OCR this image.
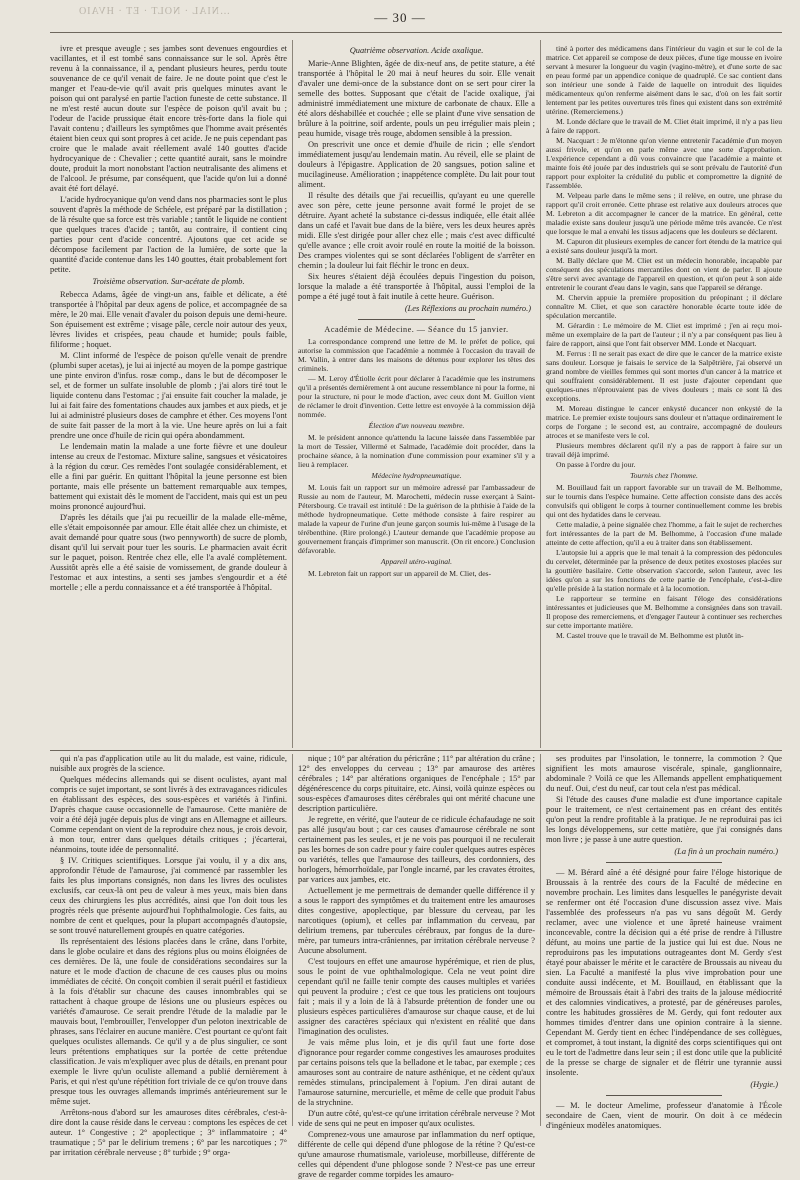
…NIAL · NOLT · ET · HVAIO	— 30 —

ivre et presque aveugle ; ses jambes sont devenues engourdies et vacillantes, et il est tombé sans connaissance sur le sol. Après être revenu à la connaissance, il a, pendant plusieurs heures, perdu toute souvenance de ce qu'il venait de faire. Je ne doute point que c'est le manger et l'eau-de-vie qu'il avait pris quelques minutes avant le poison qui ont paralysé en partie l'action funeste de cette substance. Il ne m'est resté aucun doute sur l'espèce de poison qu'il avait bu ; l'odeur de l'acide prussique était encore très-forte dans la fiole qui l'avait contenu ; d'ailleurs les symptômes que l'homme avait présentés étaient bien ceux qui sont propres à cet acide. Je ne puis cependant pas croire que le malade avait réellement avalé 140 gouttes d'acide hydrocyanique de : Chevalier ; cette quantité aurait, sans le moindre doute, produit la mort nonobstant l'action neutralisante des alimens et de l'alcool. Je présume, par conséquent, que l'acide qu'on lui a donné avait été fort délayé.

L'acide hydrocyanique qu'on vend dans nos pharmacies sont le plus souvent d'après la méthode de Schéele, est préparé par la distillation ; de là résulte que sa force est très variable ; tantôt le liquide ne contient que quelques traces d'acide ; tantôt, au contraire, il contient cinq parties pour cent d'acide concentré. Ajoutons que cet acide se décompose facilement par l'action de la lumière, de sorte que la quantité d'acide contenue dans les 140 gouttes, était probablement fort petite.

Troisième observation. Sur-acétate de plomb.

Rebecca Adams, âgée de vingt-un ans, faible et délicate, a été transportée à l'hôpital par deux agens de police, et accompagnée de sa mère, le 20 mai. Elle venait d'avaler du poison depuis une demi-heure. Son épuisement est extrême ; visage pâle, cercle noir autour des yeux, lèvres livides et crispées, peau chaude et humide; pouls faible, filiforme ; hoquet.

M. Clint informé de l'espèce de poison qu'elle venait de prendre (plumbi super acetas), je lui ai injecté au moyen de la pompe gastrique une pinte environ d'infus. rosæ comp., dans le but de décomposer le sel, et de former un sulfate insoluble de plomb ; j'ai alors tiré tout le liquide contenu dans l'estomac ; j'ai ensuite fait coucher la malade, je lui ai fait faire des fomentations chaudes aux jambes et aux pieds, et je lui ai administré plusieurs doses de camphre et éther. Ces moyens l'ont de suite fait passer de la mort à la vie. Une heure après on lui a fait prendre une once d'huile de ricin qui opéra abondamment.

Le lendemain matin la malade a une forte fièvre et une douleur intense au creux de l'estomac. Mixture saline, sangsues et vésicatoires à la région du cœur. Ces remèdes l'ont soulagée considérablement, et elle a fini par guérir. En quittant l'hôpital la jeune personne est bien portante, mais elle présente un battement remarquable aux tempes, battement qui existait dès le moment de l'accident, mais qui est un peu moins prononcé aujourd'hui.

D'après les détails que j'ai pu recueillir de la malade elle-même, elle s'était empoisonnée par amour. Elle était allée chez un chimiste, et avait demandé pour quatre sous (two pennyworth) de sucre de plomb, disant qu'il lui servait pour tuer les souris. Le pharmacien avait écrit sur le paquet, poison. Rentrée chez elle, elle l'a avalé complètement. Aussitôt après elle a été saisie de vomissement, de grande douleur à l'estomac et aux intestins, a senti ses jambes s'engourdir et a été mortelle ; elle a perdu connaissance et a été transportée à l'hôpital.

Quatrième observation. Acide oxalique.

Marie-Anne Blighten, âgée de dix-neuf ans, de petite stature, a été transportée à l'hôpital le 20 mai à neuf heures du soir. Elle venait d'avaler une demi-once de la substance dont on se sert pour cirer la semelle des bottes. Supposant que c'était de l'acide oxalique, j'ai administré immédiatement une mixture de carbonate de chaux. Elle a été alors déshabillée et couchée ; elle se plaint d'une vive sensation de brûlure à la poitrine, soif ardente, pouls un peu irrégulier mais plein ; peau humide, visage très rouge, abdomen sensible à la pression.

On prescrivit une once et demie d'huile de ricin ; elle s'endort immédiatement jusqu'au lendemain matin. Au réveil, elle se plaint de douleurs à l'épigastre. Application de 20 sangsues, potion saline et mucilagineuse. Amélioration ; inappétence complète. Du lait pour tout aliment.

Il résulte des détails que j'ai recueillis, qu'ayant eu une querelle avec son père, cette jeune personne avait formé le projet de se détruire. Ayant acheté la substance ci-dessus indiquée, elle était allée dans un café et l'avait bue dans de la bière, vers les deux heures après midi. Elle s'est dirigée pour aller chez elle ; mais c'est avec difficulté qu'elle avance ; elle croit avoir roulé en route la moitié de la boisson. Des crampes violentes qui se sont déclarées l'obligent de s'arrêter en chemin ; la douleur lui fait fléchir le tronc en deux.

Six heures s'étaient déjà écoulées depuis l'ingestion du poison, lorsque la malade a été transportée à l'hôpital, aussi l'emploi de la pompe a été jugé tout à fait inutile à cette heure. Guérison.

(Les Réflexions au prochain numéro.)

Académie de Médecine. — Séance du 15 janvier.

La correspondance comprend une lettre de M. le préfet de police, qui autorise la commission que l'académie a nommée à l'occasion du travail de M. Vallin, à entrer dans les maisons de détenus pour explorer les têtes des criminels.

— M. Leroy d'Étiolle écrit pour déclarer à l'académie que les instrumens qu'il a présentés dernièrement à ont aucune ressemblance ni pour la forme, ni pour la structure, ni pour le mode d'action, avec ceux dont M. Guillon vient de réclamer le droit d'invention. Cette lettre est envoyée à la commission déjà nommée.

Élection d'un nouveau membre.

M. le président annonce qu'attendu la lacune laissée dans l'assemblée par la mort de Tessier, Villermé et Salmade, l'académie doit procéder, dans la prochaine séance, à la nomination d'une commission pour examiner s'il y a lieu à remplacer.

Médecine hydropneumatique.

M. Louis fait un rapport sur un mémoire adressé par l'ambassadeur de Russie au nom de l'auteur, M. Marochetti, médecin russe exerçant à Saint-Pétersbourg. Ce travail est intitulé : De la guérison de la phthisie à l'aide de la méthode hydropneumatique. Cette méthode consiste à faire respirer au malade la vapeur de l'urine d'un jeune garçon soumis lui-même à l'usage de la térébenthine. (Rire prolongé.) L'auteur demande que l'académie propose au gouvernement français d'imprimer son manuscrit. (On rit encore.) Conclusion défavorable.

Appareil utéro-vaginal.

M. Lebreton fait un rapport sur un appareil de M. Cliet, des-

tiné à porter des médicamens dans l'intérieur du vagin et sur le col de la matrice. Cet appareil se compose de deux pièces, d'une tige mousse en ivoire servant à mesurer la longueur du vagin (vagino-mètre), et d'une sorte de sac en peau formé par un appendice conique de quadruplé. Ce sac contient dans son intérieur une sonde à l'aide de laquelle on introduit des liquides médicamenteux qu'on renferme aisément dans le sac, d'où on les fait sortir lentement par les petites ouvertures très fines qui existent dans son extrémité utérine. (Remerciemens.)

M. Londe déclare que le travail de M. Cliet était imprimé, il n'y a pas lieu à faire de rapport.

M. Nacquart : Je m'étonne qu'on vienne entretenir l'académie d'un moyen aussi frivole, et qu'on en parle même avec une sorte d'approbation. L'expérience cependant a dû vous convaincre que l'académie a mainte et mainte fois été jouée par des industriels qui se sont prévalu de l'autorité d'un rapport pour exploiter la crédulité du public et compromettre la dignité de l'assemblée.

M. Velpeau parle dans le même sens ; il relève, en outre, une phrase du rapport qu'il croit erronée. Cette phrase est relative aux douleurs atroces que M. Lebreton a dit accompagner le cancer de la matrice. En général, cette maladie existe sans douleur jusqu'à une période même très avancée. Ce n'est que lorsque le mal a envahi les tissus adjacens que les douleurs se déclarent.

M. Capuron dit plusieurs exemples de cancer fort étendu de la matrice qui a existé sans douleur jusqu'à la mort.

M. Bally déclare que M. Cliet est un médecin honorable, incapable par conséquent des spéculations mercantiles dont on vient de parler. Il ajoute s'être servi avec avantage de l'appareil en question, et qu'on peut à son aide entretenir le courant d'eau dans le vagin, sans que l'appareil se dérange.

M. Chervin appuie la première proposition du préopinant ; il déclare connaître M. Cliet, et que son caractère honorable écarte toute idée de spéculation mercantile.

M. Gérardin : Le mémoire de M. Cliet est imprimé ; j'en ai reçu moi-même un exemplaire de la part de l'auteur ; il n'y a par conséquent pas lieu à faire de rapport, ainsi que l'ont fait observer MM. Londe et Nacquart.

M. Ferrus : Il ne serait pas exact de dire que le cancer de la matrice existe sans douleur. Lorsque je faisais le service de la Salpêtrière, j'ai observé un grand nombre de vieilles femmes qui sont mortes d'un cancer à la matrice et qui souffraient considérablement. Il est juste d'ajouter cependant que quelques-unes n'éprouvaient pas de vives douleurs ; mais ce sont là des exceptions.

M. Moreau distingue le cancer enkysté ducancer non enkysté de la matrice. Le premier existe toujours sans douleur et n'attaque ordinairement le corps de l'organe ; le second est, au contraire, accompagné de douleurs atroces et se manifeste vers le col.

Plusieurs membres déclarent qu'il n'y a pas de rapport à faire sur un travail déjà imprimé.

On passe à l'ordre du jour.

Tournis chez l'homme.

M. Bouillaud fait un rapport favorable sur un travail de M. Belhomme, sur le tournis dans l'espèce humaine. Cette affection consiste dans des accès convulsifs qui obligent le corps à tourner continuellement comme les brebis qui ont des hydatides dans le cerveau.

Cette maladie, à peine signalée chez l'homme, a fait le sujet de recherches fort intéressantes de la part de M. Belhomme, à l'occasion d'une malade atteinte de cette affection, qu'il a eu à traiter dans son établissement.

L'autopsie lui a appris que le mal tenait à la compression des pédoncules du cervelet, déterminée par la présence de deux petites exostoses placées sur la gouttière basilaire. Cette observation s'accorde, selon l'auteur, avec les idées qu'on a sur les fonctions de cette partie de l'encéphale, c'est-à-dire qu'elle préside à la station normale et à la locomotion.

Le rapporteur se termine en faisant l'éloge des considérations intéressantes et judicieuses que M. Belhomme a consignées dans son travail. Il propose des remerciemens, et d'engager l'auteur à continuer ses recherches sur cette importante matière.

M. Castel trouve que le travail de M. Belhomme est plutôt in-

qui n'a pas d'application utile au lit du malade, est vaine, ridicule, nuisible aux progrès de la science.

Quelques médecins allemands qui se disent oculistes, ayant mal compris ce sujet important, se sont livrés à des extravagances ridicules en établissant des espèces, des sous-espèces et variétés à l'infini. D'après chaque cause occasionnelle de l'amaurose. Cette manière de voir a été déjà jugée depuis plus de vingt ans en Allemagne et ailleurs. Comme cependant on vient de la reproduire chez nous, je crois devoir, à mon tour, entrer dans quelques détails critiques ; j'écarterai, néanmoins, toute idée de personnalité.

§ IV. Critiques scientifiques. Lorsque j'ai voulu, il y a dix ans, approfondir l'étude de l'amaurose, j'ai commencé par rassembler les faits les plus importans consignés, non dans les livres des oculistes exclusifs, car ceux-là ont peu de valeur à mes yeux, mais bien dans ceux des chirurgiens les plus accrédités, ainsi que l'on doit tous les progrès réels que présente aujourd'hui l'ophthalmologie. Ces faits, au nombre de cent et quelques, pour la plupart accompagnés d'autopsie, se sont trouvé naturellement groupés en quatre catégories.

Ils représentaient des lésions placées dans le crâne, dans l'orbite, dans le globe oculaire et dans des régions plus ou moins éloignées de ces dernières. De là, une foule de considérations secondaires sur la nature et le mode d'action de chacune de ces causes plus ou moins immédiates de cécité. On conçoit combien il serait puéril et fastidieux à la fois d'établir sur chacune des causes innombrables qui se rattachent à chaque groupe de lésions une ou plusieurs espèces ou variétés d'amaurose. Ce serait prendre l'étude de la maladie par le mauvais bout, l'embrouiller, l'envelopper d'un peloton inextricable de phrases, sans l'éclairer en aucune manière. C'est pourtant ce qu'ont fait quelques oculistes allemands. Ce qu'il y a de plus singulier, ce sont leurs prétentions emphatiques sur la portée de cette prétendue classification. Je vais m'expliquer avec plus de détails, en prenant pour exemple le livre qu'un oculiste allemand a publié dernièrement à Paris, et qui n'est qu'une répétition fort triviale de ce qu'on trouve dans presque tous les ouvrages allemands imprimés antérieurement sur le même sujet.

Arrêtons-nous d'abord sur les amauroses dites cérébrales, c'est-à-dire dont la cause réside dans le cerveau : comptons les espèces de cet auteur. 1° Congestive ; 2° apoplectique ; 3° inflammatoire ; 4° traumatique ; 5° par le delirium tremens ; 6° par les narcotiques ; 7° par irritation cérébrale nerveuse ; 8° turbide ; 9° orga-

nique ; 10° par altération du péricrâne ; 11° par altération du crâne ; 12° des enveloppes du cerveau ; 13° par amaurose des artères cérébrales ; 14° par altérations organiques de l'encéphale ; 15° par dégénérescence du corps pituitaire, etc. Ainsi, voilà quinze espèces ou sous-espèces d'amauroses dites cérébrales qui ont mérité chacune une description particulière.

Je regrette, en vérité, que l'auteur de ce ridicule échafaudage ne soit pas allé jusqu'au bout ; car ces causes d'amaurose cérébrale ne sont certainement pas les seules, et je ne vois pas pourquoi il ne reculerait pas les bornes de son cadre pour y faire couler quelques autres espèces ou variétés, telles que l'amaurose des tailleurs, des cordonniers, des horlogers, hémorrhoïdale, par l'ongle incarné, par les cravates étroites, par varices aux jambes, etc.

Actuellement je me permettrais de demander quelle différence il y a sous le rapport des symptômes et du traitement entre les amauroses dites congestive, apoplectique, par blessure du cerveau, par les narcotiques (opium), et celles par inflammation du cerveau, par delirium tremens, par tubercules cérébraux, par fongus de la dure-mère, par tumeurs intra-crâniennes, par irritation cérébrale nerveuse ? Aucune absolument.

C'est toujours en effet une amaurose hypérémique, et rien de plus, sous le point de vue ophthalmologique. Cela ne veut point dire cependant qu'il ne faille tenir compte des causes multiples et variées qui peuvent la produire ; c'est ce que tous les praticiens ont toujours fait ; mais il y a loin de là à l'absurde prétention de fonder une ou plusieurs espèces particulières d'amaurose sur chaque cause, et de lui assigner des caractères spéciaux qui n'existent en réalité que dans l'imagination des oculistes.

Je vais même plus loin, et je dis qu'il faut une forte dose d'ignorance pour regarder comme congestives les amauroses produites par certains poisons tels que la belladone et le tabac, par exemple ; ces amauroses sont au contraire de nature asthénique, et ne cèdent qu'aux remèdes stimulans, principalement à l'opium. J'en dirai autant de l'amaurose saturnine, mercurielle, et même de celle que produit l'abus de la strychnine.

D'un autre côté, qu'est-ce qu'une irritation cérébrale nerveuse ? Mot vide de sens qui ne peut en imposer qu'aux oculistes.

Comprenez-vous une amaurose par inflammation du nerf optique, différente de celle qui dépend d'une phlogose de la rétine ? Qu'est-ce qu'une amaurose rhumatismale, varioleuse, morbilleuse, différente de celles qui dépendent d'une phlogose sonde ? N'est-ce pas une erreur grave de regarder comme torpides les amauro-

ses produites par l'insolation, le tonnerre, la commotion ? Que signifient les mots amaurose viscérale, spinale, ganglionnaire, abdominale ? Voilà ce que les Allemands appellent emphatiquement du neuf. Oui, c'est du neuf, car tout cela n'est pas médical.

Si l'étude des causes d'une maladie est d'une importance capitale pour le traitement, ce n'est certainement pas en créant des entités qu'on peut la rendre profitable à la pratique. Je ne reproduirai pas ici les longs développemens, sur cette matière, que j'ai consignés dans mon livre ; je passe à une autre question.

(La fin à un prochain numéro.)

— M. Bérard aîné a été désigné pour faire l'éloge historique de Broussais à la rentrée des cours de la Faculté de médecine en novembre prochain. Les limites dans lesquelles le panégyriste devait se renfermer ont été l'occasion d'une discussion assez vive. Mais l'assemblée des professeurs n'a pas vu sans dégoût M. Gerdy reclamer, avec une violence et une âpreté haineuse vraiment inconcevable, contre la décision qui a été prise de rendre à l'illustre défunt, au moins une partie de la justice qui lui est due. Nous ne reproduirons pas les imputations outrageantes dont M. Gerdy s'est étayé pour abaisser le mérite et le caractère de Broussais au niveau du sien. La Faculté a manifesté la plus vive improbation pour une conduite aussi indécente, et M. Bouillaud, en établissant que la mémoire de Broussais était à l'abri des traits de la jalouse médiocrité et des calomnies vindicatives, a protesté, par de généreuses paroles, contre les habitudes grossières de M. Gerdy, qui font redouter aux hommes timides d'entrer dans une opinion contraire à la sienne. Cependant M. Gerdy tient en échec l'indépendance de ses collègues, et compromet, à tout instant, la dignité des corps scientifiques qui ont eu le tort de l'admettre dans leur sein ; il est donc utile que la publicité de la presse se charge de signaler et de flétrir une tyrannie aussi insolente.

(Hygie.)

— M. le docteur Amelime, professeur d'anatomie à l'École secondaire de Caen, vient de mourir. On doit à ce médecin d'ingénieux modèles anatomiques.
